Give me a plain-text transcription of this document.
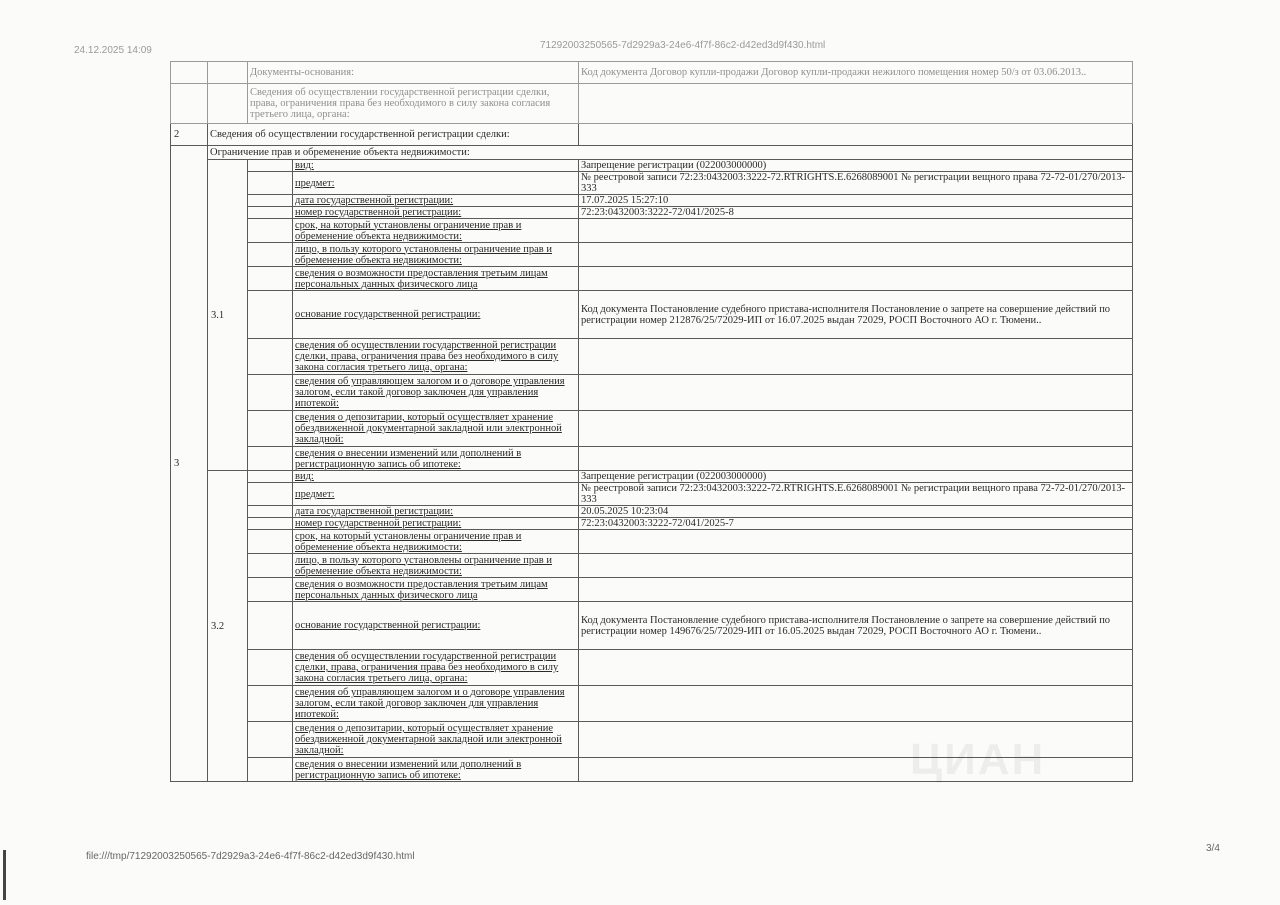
24.12.2025 14:09	71292003250565-7d2929a3-24e6-4f7f-86c2-d42ed3d9f430.html
		Документы-основания:		Код документа Договор купли-продажи Договор купли-продажи нежилого помещения номер 50/з от 03.06.2013..
		Сведения об осуществлении государственной регистрации сделки, права, ограничения права без необходимого в силу закона согласия третьего лица, органа:		
2	Сведения об осуществлении государственной регистрации сделки:			
3	Ограничение прав и обременение объекта недвижимости:			
	3.1		вид:	Запрещение регистрации (022003000000)
			предмет:	№ реестровой записи 72:23:0432003:3222-72.RTRIGHTS.E.6268089001 № регистрации вещного права 72-72-01/270/2013-333
			дата государственной регистрации:	17.07.2025 15:27:10
			номер государственной регистрации:	72:23:0432003:3222-72/041/2025-8
			срок, на который установлены ограничение прав и обременение объекта недвижимости:	
			лицо, в пользу которого установлены ограничение прав и обременение объекта недвижимости:	
			сведения о возможности предоставления третьим лицам персональных данных физического лица	
			основание государственной регистрации:	Код документа Постановление судебного пристава-исполнителя Постановление о запрете на совершение действий по регистрации номер 212876/25/72029-ИП от 16.07.2025 выдан 72029, РОСП Восточного АО г. Тюмени..
			сведения об осуществлении государственной регистрации сделки, права, ограничения права без необходимого в силу закона согласия третьего лица, органа:	
			сведения об управляющем залогом и о договоре управления залогом, если такой договор заключен для управления ипотекой:	
			сведения о депозитарии, который осуществляет хранение обездвиженной документарной закладной или электронной закладной:	
			сведения о внесении изменений или дополнений в регистрационную запись об ипотеке:	
	3.2		вид:	Запрещение регистрации (022003000000)
			предмет:	№ реестровой записи 72:23:0432003:3222-72.RTRIGHTS.E.6268089001 № регистрации вещного права 72-72-01/270/2013-333
			дата государственной регистрации:	20.05.2025 10:23:04
			номер государственной регистрации:	72:23:0432003:3222-72/041/2025-7
			срок, на который установлены ограничение прав и обременение объекта недвижимости:	
			лицо, в пользу которого установлены ограничение прав и обременение объекта недвижимости:	
			сведения о возможности предоставления третьим лицам персональных данных физического лица	
			основание государственной регистрации:	Код документа Постановление судебного пристава-исполнителя Постановление о запрете на совершение действий по регистрации номер 149676/25/72029-ИП от 16.05.2025 выдан 72029, РОСП Восточного АО г. Тюмени..
			сведения об осуществлении государственной регистрации сделки, права, ограничения права без необходимого в силу закона согласия третьего лица, органа:	
			сведения об управляющем залогом и о договоре управления залогом, если такой договор заключен для управления ипотекой:	
			сведения о депозитарии, который осуществляет хранение обездвиженной документарной закладной или электронной закладной:	
			сведения о внесении изменений или дополнений в регистрационную запись об ипотеке:	
file:///tmp/71292003250565-7d2929a3-24e6-4f7f-86c2-d42ed3d9f430.html
3/4
ЦИАН
